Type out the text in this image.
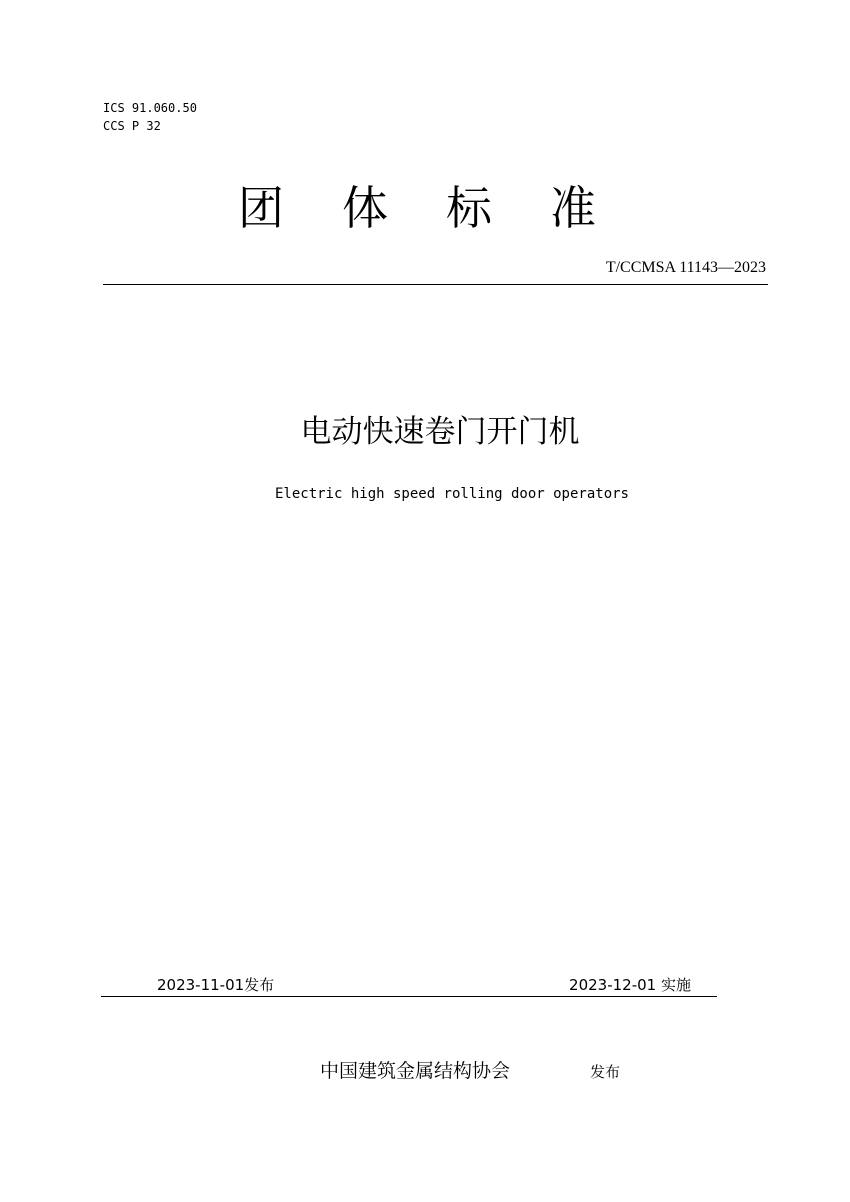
ICS 91.060.50
CCS P 32
团体标准
T/CCMSA 11143—2023
电动快速卷门开门机
Electric high speed rolling door operators
2023-11-01发布	2023-12-01 实施
中国建筑金属结构协会	发布
